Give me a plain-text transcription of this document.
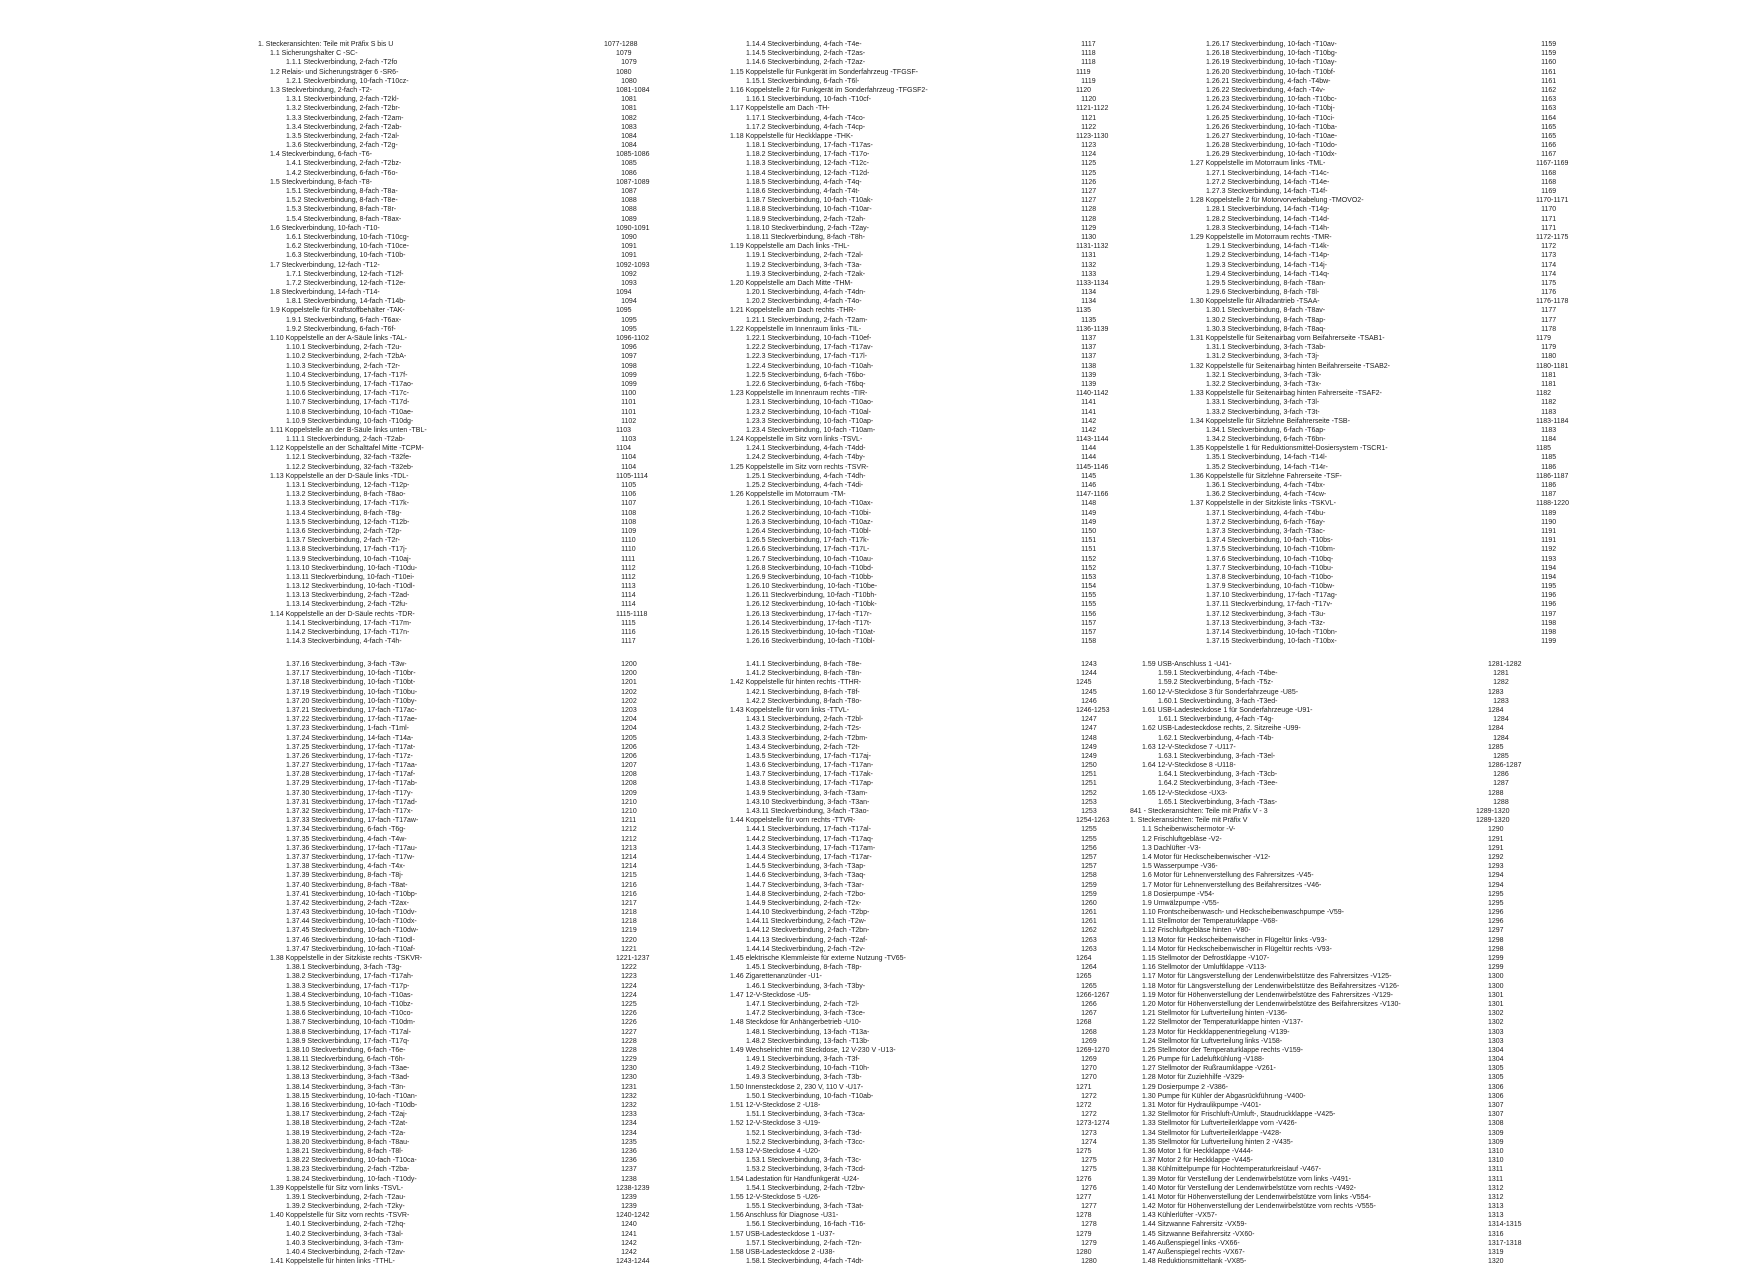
1. Steckeransichten: Teile mit Präfix S bis U	1077-1288
1.1 Sicherungshalter C -SC-	1079
1.1.1 Steckverbindung, 2-fach -T2fo	1079
1.2 Relais- und Sicherungsträger 6 -SR6-	1080
1.2.1 Steckverbindung, 10-fach -T10cz-	1080
1.3 Steckverbindung, 2-fach -T2-	1081-1084
1.3.1 Steckverbindung, 2-fach -T2kl-	1081
1.3.2 Steckverbindung, 2-fach -T2br-	1081
1.3.3 Steckverbindung, 2-fach -T2am-	1082
1.3.4 Steckverbindung, 2-fach -T2ab-	1083
1.3.5 Steckverbindung, 2-fach -T2al-	1084
1.3.6 Steckverbindung, 2-fach -T2g-	1084
1.4 Steckverbindung, 6-fach -T6-	1085-1086
1.4.1 Steckverbindung, 2-fach -T2bz-	1085
1.4.2 Steckverbindung, 6-fach -T6o-	1086
1.5 Steckverbindung, 8-fach -T8-	1087-1089
1.5.1 Steckverbindung, 8-fach -T8a-	1087
1.5.2 Steckverbindung, 8-fach -T8e-	1088
1.5.3 Steckverbindung, 8-fach -T8r-	1088
1.5.4 Steckverbindung, 8-fach -T8ax-	1089
1.6 Steckverbindung, 10-fach -T10-	1090-1091
1.6.1 Steckverbindung, 10-fach -T10cg-	1090
1.6.2 Steckverbindung, 10-fach -T10ce-	1091
1.6.3 Steckverbindung, 10-fach -T10b-	1091
1.7 Steckverbindung, 12-fach -T12-	1092-1093
1.7.1 Steckverbindung, 12-fach -T12f-	1092
1.7.2 Steckverbindung, 12-fach -T12e-	1093
1.8 Steckverbindung, 14-fach -T14-	1094
1.8.1 Steckverbindung, 14-fach -T14b-	1094
1.9 Koppelstelle für Kraftstoffbehälter -TAK-	1095
1.9.1 Steckverbindung, 6-fach -T6ax-	1095
1.9.2 Steckverbindung, 6-fach -T6f-	1095
1.10 Koppelstelle an der A-Säule links -TAL-	1096-1102
1.10.1 Steckverbindung, 2-fach -T2u-	1096
1.10.2 Steckverbindung, 2-fach -T2bA-	1097
1.10.3 Steckverbindung, 2-fach -T2r-	1098
1.10.4 Steckverbindung, 17-fach -T17f-	1099
1.10.5 Steckverbindung, 17-fach -T17ao-	1099
1.10.6 Steckverbindung, 17-fach -T17c-	1100
1.10.7 Steckverbindung, 17-fach -T17d-	1101
1.10.8 Steckverbindung, 10-fach -T10ae-	1101
1.10.9 Steckverbindung, 10-fach -T10dg-	1102
1.11 Koppelstelle an der B-Säule links unten -TBL-	1103
1.11.1 Steckverbindung, 2-fach -T2ab-	1103
1.12 Koppelstelle an der Schalttafel Mitte -TCPM-	1104
1.12.1 Steckverbindung, 32-fach -T32fe-	1104
1.12.2 Steckverbindung, 32-fach -T32eb-	1104
1.13 Koppelstelle an der D-Säule links -TDL-	1105-1114
1.13.1 Steckverbindung, 12-fach -T12p-	1105
1.13.2 Steckverbindung, 8-fach -T8ao-	1106
1.13.3 Steckverbindung, 17-fach -T17k-	1107
1.13.4 Steckverbindung, 8-fach -T8g-	1108
1.13.5 Steckverbindung, 12-fach -T12b-	1108
1.13.6 Steckverbindung, 2-fach -T2p-	1109
1.13.7 Steckverbindung, 2-fach -T2r-	1110
1.13.8 Steckverbindung, 17-fach -T17j-	1110
1.13.9 Steckverbindung, 10-fach -T10aj-	1111
1.13.10 Steckverbindung, 10-fach -T10du-	1112
1.13.11 Steckverbindung, 10-fach -T10ei-	1112
1.13.12 Steckverbindung, 10-fach -T10dl-	1113
1.13.13 Steckverbindung, 2-fach -T2ad-	1114
1.13.14 Steckverbindung, 2-fach -T2fu-	1114
1.14 Koppelstelle an der D-Säule rechts -TDR-	1115-1118
1.14.1 Steckverbindung, 17-fach -T17m-	1115
1.14.2 Steckverbindung, 17-fach -T17n-	1116
1.14.3 Steckverbindung, 4-fach -T4h-	1117
1.14.4 Steckverbindung, 4-fach -T4e-	1117
1.14.5 Steckverbindung, 2-fach -T2as-	1118
1.14.6 Steckverbindung, 2-fach -T2az-	1118
1.15 Koppelstelle für Funkgerät im Sonderfahrzeug -TFGSF-	1119
1.15.1 Steckverbindung, 6-fach -T6l-	1119
1.16 Koppelstelle 2 für Funkgerät im Sonderfahrzeug -TFGSF2-	1120
1.16.1 Steckverbindung, 10-fach -T10cf-	1120
1.17 Koppelstelle am Dach -TH-	1121-1122
1.17.1 Steckverbindung, 4-fach -T4co-	1121
1.17.2 Steckverbindung, 4-fach -T4cp-	1122
1.18 Koppelstelle für Heckklappe -THK-	1123-1130
1.18.1 Steckverbindung, 17-fach -T17as-	1123
1.18.2 Steckverbindung, 17-fach -T17o-	1124
1.18.3 Steckverbindung, 12-fach -T12c-	1125
1.18.4 Steckverbindung, 12-fach -T12d-	1125
1.18.5 Steckverbindung, 4-fach -T4q-	1126
1.18.6 Steckverbindung, 4-fach -T4t-	1127
1.18.7 Steckverbindung, 10-fach -T10ak-	1127
1.18.8 Steckverbindung, 10-fach -T10ar-	1128
1.18.9 Steckverbindung, 2-fach -T2ah-	1128
1.18.10 Steckverbindung, 2-fach -T2ay-	1129
1.18.11 Steckverbindung, 8-fach -T8h-	1130
1.19 Koppelstelle am Dach links -THL-	1131-1132
1.19.1 Steckverbindung, 2-fach -T2al-	1131
1.19.2 Steckverbindung, 3-fach -T3a-	1132
1.19.3 Steckverbindung, 2-fach -T2ak-	1133
1.20 Koppelstelle am Dach Mitte -THM-	1133-1134
1.20.1 Steckverbindung, 4-fach -T4dn-	1134
1.20.2 Steckverbindung, 4-fach -T4o-	1134
1.21 Koppelstelle am Dach rechts -THR-	1135
1.21.1 Steckverbindung, 2-fach -T2am-	1135
1.22 Koppelstelle im Innenraum links -TIL-	1136-1139
1.22.1 Steckverbindung, 10-fach -T10ef-	1137
1.22.2 Steckverbindung, 17-fach -T17av-	1137
1.22.3 Steckverbindung, 17-fach -T17l-	1137
1.22.4 Steckverbindung, 10-fach -T10ah-	1138
1.22.5 Steckverbindung, 6-fach -T6bo-	1139
1.22.6 Steckverbindung, 6-fach -T6bq-	1139
1.23 Koppelstelle im Innenraum rechts -TIR-	1140-1142
1.23.1 Steckverbindung, 10-fach -T10ao-	1141
1.23.2 Steckverbindung, 10-fach -T10al-	1141
1.23.3 Steckverbindung, 10-fach -T10ap-	1142
1.23.4 Steckverbindung, 10-fach -T10am-	1142
1.24 Koppelstelle im Sitz vorn links -TSVL-	1143-1144
1.24.1 Steckverbindung, 4-fach -T4dd-	1144
1.24.2 Steckverbindung, 4-fach -T4by-	1144
1.25 Koppelstelle im Sitz vorn rechts -TSVR-	1145-1146
1.25.1 Steckverbindung, 4-fach -T4dh-	1145
1.25.2 Steckverbindung, 4-fach -T4di-	1146
1.26 Koppelstelle im Motorraum -TM-	1147-1166
1.26.1 Steckverbindung, 10-fach -T10ax-	1148
1.26.2 Steckverbindung, 10-fach -T10bi-	1149
1.26.3 Steckverbindung, 10-fach -T10az-	1149
1.26.4 Steckverbindung, 10-fach -T10bl-	1150
1.26.5 Steckverbindung, 17-fach -T17k-	1151
1.26.6 Steckverbindung, 17-fach -T17L-	1151
1.26.7 Steckverbindung, 10-fach -T10au-	1152
1.26.8 Steckverbindung, 10-fach -T10bd-	1152
1.26.9 Steckverbindung, 10-fach -T10bb-	1153
1.26.10 Steckverbindung, 10-fach -T10be-	1154
1.26.11 Steckverbindung, 10-fach -T10bh-	1155
1.26.12 Steckverbindung, 10-fach -T10bk-	1155
1.26.13 Steckverbindung, 17-fach -T17r-	1156
1.26.14 Steckverbindung, 17-fach -T17t-	1157
1.26.15 Steckverbindung, 10-fach -T10at-	1157
1.26.16 Steckverbindung, 10-fach -T10bl-	1158
1.26.17 Steckverbindung, 10-fach -T10av-	1159
1.26.18 Steckverbindung, 10-fach -T10bg-	1159
1.26.19 Steckverbindung, 10-fach -T10ay-	1160
1.26.20 Steckverbindung, 10-fach -T10bf-	1161
1.26.21 Steckverbindung, 4-fach -T4bw-	1161
1.26.22 Steckverbindung, 4-fach -T4v-	1162
1.26.23 Steckverbindung, 10-fach -T10bc-	1163
1.26.24 Steckverbindung, 10-fach -T10bj-	1163
1.26.25 Steckverbindung, 10-fach -T10ci-	1164
1.26.26 Steckverbindung, 10-fach -T10ba-	1165
1.26.27 Steckverbindung, 10-fach -T10ae-	1165
1.26.28 Steckverbindung, 10-fach -T10do-	1166
1.26.29 Steckverbindung, 10-fach -T10dx-	1167
1.27 Koppelstelle im Motorraum links -TML-	1167-1169
1.27.1 Steckverbindung, 14-fach -T14c-	1168
1.27.2 Steckverbindung, 14-fach -T14e-	1168
1.27.3 Steckverbindung, 14-fach -T14f-	1169
1.28 Koppelstelle 2 für Motorvorverkabelung -TMOVO2-	1170-1171
1.28.1 Steckverbindung, 14-fach -T14g-	1170
1.28.2 Steckverbindung, 14-fach -T14d-	1171
1.28.3 Steckverbindung, 14-fach -T14h-	1171
1.29 Koppelstelle im Motorraum rechts -TMR-	1172-1175
1.29.1 Steckverbindung, 14-fach -T14k-	1172
1.29.2 Steckverbindung, 14-fach -T14p-	1173
1.29.3 Steckverbindung, 14-fach -T14j-	1174
1.29.4 Steckverbindung, 14-fach -T14q-	1174
1.29.5 Steckverbindung, 8-fach -T8an-	1175
1.29.6 Steckverbindung, 8-fach -T8l-	1176
1.30 Koppelstelle für Allradantrieb -TSAA-	1176-1178
1.30.1 Steckverbindung, 8-fach -T8av-	1177
1.30.2 Steckverbindung, 8-fach -T8ap-	1177
1.30.3 Steckverbindung, 8-fach -T8aq-	1178
1.31 Koppelstelle für Seitenairbag vorn Beifahrerseite -TSAB1-	1179
1.31.1 Steckverbindung, 3-fach -T3ab-	1179
1.31.2 Steckverbindung, 3-fach -T3j-	1180
1.32 Koppelstelle für Seitenairbag hinten Beifahrerseite -TSAB2-	1180-1181
1.32.1 Steckverbindung, 3-fach -T3k-	1181
1.32.2 Steckverbindung, 3-fach -T3x-	1181
1.33 Koppelstelle für Seitenairbag hinten Fahrerseite -TSAF2-	1182
1.33.1 Steckverbindung, 3-fach -T3l-	1182
1.33.2 Steckverbindung, 3-fach -T3t-	1183
1.34 Koppelstelle für Sitzlehne Beifahrerseite -TSB-	1183-1184
1.34.1 Steckverbindung, 6-fach -T6ap-	1183
1.34.2 Steckverbindung, 6-fach -T6bn-	1184
1.35 Koppelstelle 1 für Reduktionsmittel-Dosiersystem -TSCR1-	1185
1.35.1 Steckverbindung, 14-fach -T14l-	1185
1.35.2 Steckverbindung, 14-fach -T14r-	1186
1.36 Koppelstelle für Sitzlehne Fahrerseite -TSF-	1186-1187
1.36.1 Steckverbindung, 4-fach -T4bx-	1186
1.36.2 Steckverbindung, 4-fach -T4cw-	1187
1.37 Koppelstelle in der Sitzkiste links -TSKVL-	1188-1220
1.37.1 Steckverbindung, 4-fach -T4bu-	1189
1.37.2 Steckverbindung, 6-fach -T6ay-	1190
1.37.3 Steckverbindung, 3-fach -T3ac-	1191
1.37.4 Steckverbindung, 10-fach -T10bs-	1191
1.37.5 Steckverbindung, 10-fach -T10bm-	1192
1.37.6 Steckverbindung, 10-fach -T10bq-	1193
1.37.7 Steckverbindung, 10-fach -T10bu-	1194
1.37.8 Steckverbindung, 10-fach -T10bo-	1194
1.37.9 Steckverbindung, 10-fach -T10bw-	1195
1.37.10 Steckverbindung, 17-fach -T17ag-	1196
1.37.11 Steckverbindung, 17-fach -T17v-	1196
1.37.12 Steckverbindung, 3-fach -T3u-	1197
1.37.13 Steckverbindung, 3-fach -T3z-	1198
1.37.14 Steckverbindung, 10-fach -T10bn-	1198
1.37.15 Steckverbindung, 10-fach -T10bx-	1199
1.37.16 Steckverbindung, 3-fach -T3w-	1200
1.37.17 Steckverbindung, 10-fach -T10br-	1200
1.37.18 Steckverbindung, 10-fach -T10bt-	1201
1.37.19 Steckverbindung, 10-fach -T10bu-	1202
1.37.20 Steckverbindung, 10-fach -T10by-	1202
1.37.21 Steckverbindung, 17-fach -T17ac-	1203
1.37.22 Steckverbindung, 17-fach -T17ae-	1204
1.37.23 Steckverbindung, 1-fach -T1ml-	1204
1.37.24 Steckverbindung, 14-fach -T14a-	1205
1.37.25 Steckverbindung, 17-fach -T17at-	1206
1.37.26 Steckverbindung, 17-fach -T17z-	1206
1.37.27 Steckverbindung, 17-fach -T17aa-	1207
1.37.28 Steckverbindung, 17-fach -T17af-	1208
1.37.29 Steckverbindung, 17-fach -T17ab-	1208
1.37.30 Steckverbindung, 17-fach -T17y-	1209
1.37.31 Steckverbindung, 17-fach -T17ad-	1210
1.37.32 Steckverbindung, 17-fach -T17x-	1210
1.37.33 Steckverbindung, 17-fach -T17aw-	1211
1.37.34 Steckverbindung, 6-fach -T6g-	1212
1.37.35 Steckverbindung, 4-fach -T4w-	1212
1.37.36 Steckverbindung, 17-fach -T17au-	1213
1.37.37 Steckverbindung, 17-fach -T17w-	1214
1.37.38 Steckverbindung, 4-fach -T4x-	1214
1.37.39 Steckverbindung, 8-fach -T8j-	1215
1.37.40 Steckverbindung, 8-fach -T8at-	1216
1.37.41 Steckverbindung, 10-fach -T10bp-	1216
1.37.42 Steckverbindung, 2-fach -T2ax-	1217
1.37.43 Steckverbindung, 10-fach -T10dv-	1218
1.37.44 Steckverbindung, 10-fach -T10dx-	1218
1.37.45 Steckverbindung, 10-fach -T10dw-	1219
1.37.46 Steckverbindung, 10-fach -T10dl-	1220
1.37.47 Steckverbindung, 10-fach -T10af-	1221
1.38 Koppelstelle in der Sitzkiste rechts -TSKVR-	1221-1237
1.38.1 Steckverbindung, 3-fach -T3g-	1222
1.38.2 Steckverbindung, 17-fach -T17ah-	1223
1.38.3 Steckverbindung, 17-fach -T17p-	1224
1.38.4 Steckverbindung, 10-fach -T10as-	1224
1.38.5 Steckverbindung, 10-fach -T10bz-	1225
1.38.6 Steckverbindung, 10-fach -T10co-	1226
1.38.7 Steckverbindung, 10-fach -T10dm-	1226
1.38.8 Steckverbindung, 17-fach -T17al-	1227
1.38.9 Steckverbindung, 17-fach -T17q-	1228
1.38.10 Steckverbindung, 6-fach -T6e-	1228
1.38.11 Steckverbindung, 6-fach -T6h-	1229
1.38.12 Steckverbindung, 3-fach -T3ae-	1230
1.38.13 Steckverbindung, 3-fach -T3ad-	1230
1.38.14 Steckverbindung, 3-fach -T3n-	1231
1.38.15 Steckverbindung, 10-fach -T10an-	1232
1.38.16 Steckverbindung, 10-fach -T10db-	1232
1.38.17 Steckverbindung, 2-fach -T2aj-	1233
1.38.18 Steckverbindung, 2-fach -T2at-	1234
1.38.19 Steckverbindung, 2-fach -T2a-	1234
1.38.20 Steckverbindung, 8-fach -T8au-	1235
1.38.21 Steckverbindung, 8-fach -T8l-	1236
1.38.22 Steckverbindung, 10-fach -T10ca-	1236
1.38.23 Steckverbindung, 2-fach -T2ba-	1237
1.38.24 Steckverbindung, 10-fach -T10dy-	1238
1.39 Koppelstelle für Sitz vorn links -TSVL-	1238-1239
1.39.1 Steckverbindung, 2-fach -T2au-	1239
1.39.2 Steckverbindung, 2-fach -T2ky-	1239
1.40 Koppelstelle für Sitz vorn rechts -TSVR-	1240-1242
1.40.1 Steckverbindung, 2-fach -T2hq-	1240
1.40.2 Steckverbindung, 3-fach -T3al-	1241
1.40.3 Steckverbindung, 3-fach -T3m-	1242
1.40.4 Steckverbindung, 2-fach -T2av-	1242
1.41 Koppelstelle für hinten links -TTHL-	1243-1244
1.41.1 Steckverbindung, 8-fach -T8e-	1243
1.41.2 Steckverbindung, 8-fach -T8n-	1244
1.42 Koppelstelle für hinten rechts -TTHR-	1245
1.42.1 Steckverbindung, 8-fach -T8f-	1245
1.42.2 Steckverbindung, 8-fach -T8o-	1246
1.43 Koppelstelle für vorn links -TTVL-	1246-1253
1.43.1 Steckverbindung, 2-fach -T2bl-	1247
1.43.2 Steckverbindung, 2-fach -T2s-	1247
1.43.3 Steckverbindung, 2-fach -T2bm-	1248
1.43.4 Steckverbindung, 2-fach -T2t-	1249
1.43.5 Steckverbindung, 17-fach -T17aj-	1249
1.43.6 Steckverbindung, 17-fach -T17an-	1250
1.43.7 Steckverbindung, 17-fach -T17ak-	1251
1.43.8 Steckverbindung, 17-fach -T17ap-	1251
1.43.9 Steckverbindung, 3-fach -T3am-	1252
1.43.10 Steckverbindung, 3-fach -T3an-	1253
1.43.11 Steckverbindung, 3-fach -T3ao-	1253
1.44 Koppelstelle für vorn rechts -TTVR-	1254-1263
1.44.1 Steckverbindung, 17-fach -T17al-	1255
1.44.2 Steckverbindung, 17-fach -T17aq-	1255
1.44.3 Steckverbindung, 17-fach -T17am-	1256
1.44.4 Steckverbindung, 17-fach -T17ar-	1257
1.44.5 Steckverbindung, 3-fach -T3ap-	1257
1.44.6 Steckverbindung, 3-fach -T3aq-	1258
1.44.7 Steckverbindung, 3-fach -T3ar-	1259
1.44.8 Steckverbindung, 2-fach -T2bo-	1259
1.44.9 Steckverbindung, 2-fach -T2x-	1260
1.44.10 Steckverbindung, 2-fach -T2bp-	1261
1.44.11 Steckverbindung, 2-fach -T2w-	1261
1.44.12 Steckverbindung, 2-fach -T2bn-	1262
1.44.13 Steckverbindung, 2-fach -T2af-	1263
1.44.14 Steckverbindung, 2-fach -T2v-	1263
1.45 elektrische Klemmleiste für externe Nutzung -TV65-	1264
1.45.1 Steckverbindung, 8-fach -T8p-	1264
1.46 Zigarettenanzünder -U1-	1265
1.46.1 Steckverbindung, 3-fach -T3by-	1265
1.47 12-V-Steckdose -U5-	1266-1267
1.47.1 Steckverbindung, 2-fach -T2l-	1266
1.47.2 Steckverbindung, 3-fach -T3ce-	1267
1.48 Steckdose für Anhängerbetrieb -U10-	1268
1.48.1 Steckverbindung, 13-fach -T13a-	1268
1.48.2 Steckverbindung, 13-fach -T13b-	1269
1.49 Wechselrichter mit Steckdose, 12 V-230 V -U13-	1269-1270
1.49.1 Steckverbindung, 3-fach -T3f-	1269
1.49.2 Steckverbindung, 10-fach -T10h-	1270
1.49.3 Steckverbindung, 3-fach -T3b-	1270
1.50 Innensteckdose 2, 230 V, 110 V -U17-	1271
1.50.1 Steckverbindung, 10-fach -T10ab-	1272
1.51 12-V-Steckdose 2 -U18-	1272
1.51.1 Steckverbindung, 3-fach -T3ca-	1272
1.52 12-V-Steckdose 3 -U19-	1273-1274
1.52.1 Steckverbindung, 3-fach -T3d-	1273
1.52.2 Steckverbindung, 3-fach -T3cc-	1274
1.53 12-V-Steckdose 4 -U20-	1275
1.53.1 Steckverbindung, 3-fach -T3c-	1275
1.53.2 Steckverbindung, 3-fach -T3cd-	1275
1.54 Ladestation für Handfunkgerät -U24-	1276
1.54.1 Steckverbindung, 2-fach -T2bv-	1276
1.55 12-V-Steckdose 5 -U26-	1277
1.55.1 Steckverbindung, 3-fach -T3at-	1277
1.56 Anschluss für Diagnose -U31-	1278
1.56.1 Steckverbindung, 16-fach -T16-	1278
1.57 USB-Ladesteckdose 1 -U37-	1279
1.57.1 Steckverbindung, 2-fach -T2n-	1279
1.58 USB-Ladesteckdose 2 -U38-	1280
1.58.1 Steckverbindung, 4-fach -T4dt-	1280
1.59 USB-Anschluss 1 -U41-	1281-1282
1.59.1 Steckverbindung, 4-fach -T4be-	1281
1.59.2 Steckverbindung, 5-fach -T5z-	1282
1.60 12-V-Steckdose 3 für Sonderfahrzeuge -U85-	1283
1.60.1 Steckverbindung, 3-fach -T3ed-	1283
1.61 USB-Ladesteckdose 1 für Sonderfahrzeuge -U91-	1284
1.61.1 Steckverbindung, 4-fach -T4g-	1284
1.62 USB-Ladesteckdose rechts, 2. Sitzreihe -U99-	1284
1.62.1 Steckverbindung, 4-fach -T4b-	1284
1.63 12-V-Steckdose 7 -U117-	1285
1.63.1 Steckverbindung, 3-fach -T3el-	1285
1.64 12-V-Steckdose 8 -U118-	1286-1287
1.64.1 Steckverbindung, 3-fach -T3cb-	1286
1.64.2 Steckverbindung, 3-fach -T3ee-	1287
1.65 12-V-Steckdose -UX3-	1288
1.65.1 Steckverbindung, 3-fach -T3as-	1288
841 - Steckeransichten: Teile mit Präfix V - 3	1289-1320
1. Steckeransichten: Teile mit Präfix V	1289-1320
1.1 Scheibenwischermotor -V-	1290
1.2 Frischluftgebläse -V2-	1291
1.3 Dachlüfter -V3-	1291
1.4 Motor für Heckscheibenwischer -V12-	1292
1.5 Wasserpumpe -V36-	1293
1.6 Motor für Lehnenverstellung des Fahrersitzes -V45-	1294
1.7 Motor für Lehnenverstellung des Beifahrersitzes -V46-	1294
1.8 Dosierpumpe -V54-	1295
1.9 Umwälzpumpe -V55-	1295
1.10 Frontscheibenwasch- und Heckscheibenwaschpumpe -V59-	1296
1.11 Stellmotor der Temperaturklappe -V68-	1296
1.12 Frischluftgebläse hinten -V80-	1297
1.13 Motor für Heckscheibenwischer in Flügeltür links -V93-	1298
1.14 Motor für Heckscheibenwischer in Flügeltür rechts -V93-	1298
1.15 Stellmotor der Defrostklappe -V107-	1299
1.16 Stellmotor der Umluftklappe -V113-	1299
1.17 Motor für Längsverstellung der Lendenwirbelstütze des Fahrersitzes -V125-	1300
1.18 Motor für Längsverstellung der Lendenwirbelstütze des Beifahrersitzes -V126-	1300
1.19 Motor für Höhenverstellung der Lendenwirbelstütze des Fahrersitzes -V129-	1301
1.20 Motor für Höhenverstellung der Lendenwirbelstütze des Beifahrersitzes -V130-	1301
1.21 Stellmotor für Luftverteilung hinten -V136-	1302
1.22 Stellmotor der Temperaturklappe hinten -V137-	1302
1.23 Motor für Heckklappenentriegelung -V139-	1303
1.24 Stellmotor für Luftverteilung links -V158-	1303
1.25 Stellmotor der Temperaturklappe rechts -V159-	1304
1.26 Pumpe für Ladeluftkühlung -V188-	1304
1.27 Stellmotor der Rußraumklappe -V261-	1305
1.28 Motor für Zuziehhilfe -V329-	1305
1.29 Dosierpumpe 2 -V386-	1306
1.30 Pumpe für Kühler der Abgasrückführung -V400-	1306
1.31 Motor für Hydraulikpumpe -V401-	1307
1.32 Stellmotor für Frischluft-/Umluft-, Staudruckklappe -V425-	1307
1.33 Stellmotor für Luftverteilerklappe vorn -V426-	1308
1.34 Stellmotor für Luftverteilerklappe -V428-	1309
1.35 Stellmotor für Luftverteilung hinten 2 -V435-	1309
1.36 Motor 1 für Heckklappe -V444-	1310
1.37 Motor 2 für Heckklappe -V445-	1310
1.38 Kühlmittelpumpe für Hochtemperaturkreislauf -V467-	1311
1.39 Motor für Verstellung der Lendenwirbelstütze vorn links -V491-	1311
1.40 Motor für Verstellung der Lendenwirbelstütze vorn rechts -V492-	1312
1.41 Motor für Höhenverstellung der Lendenwirbelstütze vorn links -V554-	1312
1.42 Motor für Höhenverstellung der Lendenwirbelstütze vorn rechts -V555-	1313
1.43 Kühlerlüfter -VX57-	1313
1.44 Sitzwanne Fahrersitz -VX59-	1314-1315
1.45 Sitzwanne Beifahrersitz -VX60-	1316
1.46 Außenspiegel links -VX66-	1317-1318
1.47 Außenspiegel rechts -VX67-	1319
1.48 Reduktionsmitteltank -VX85-	1320
